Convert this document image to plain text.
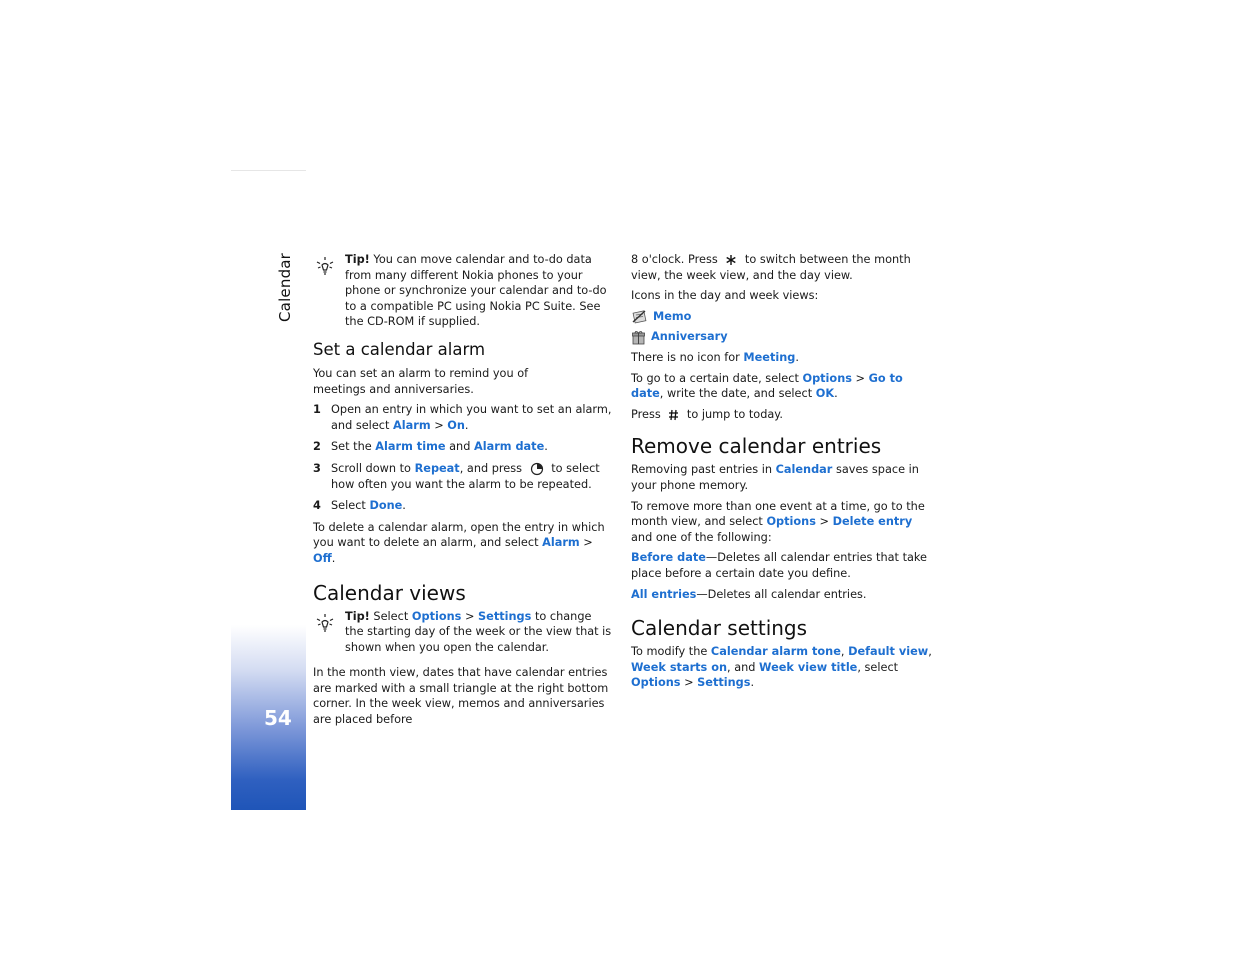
Calendar
54
Tip! You can move calendar and to-do data from many different Nokia phones to your phone or synchronize your calendar and to-do to a compatible PC using Nokia PC Suite. See the CD-ROM if supplied.
Set a calendar alarm

You can set an alarm to remind you of meetings and anniversaries.

1 Open an entry in which you want to set an alarm, and select Alarm > On.
2 Set the Alarm time and Alarm date.
3 Scroll down to Repeat, and press  to select how often you want the alarm to be repeated.
4 Select Done.

To delete a calendar alarm, open the entry in which you want to delete an alarm, and select Alarm > Off.

Calendar views
Tip! Select Options > Settings to change the starting day of the week or the view that is shown when you open the calendar.

In the month view, dates that have calendar entries are marked with a small triangle at the right bottom corner. In the week view, memos and anniversaries are placed before

8 o'clock. Press  to switch between the month view, the week view, and the day view.

Icons in the day and week views:

Memo
Anniversary

There is no icon for Meeting.

To go to a certain date, select Options > Go to date, write the date, and select OK.

Press  to jump to today.

Remove calendar entries

Removing past entries in Calendar saves space in your phone memory.

To remove more than one event at a time, go to the month view, and select Options > Delete entry and one of the following:

Before date—Deletes all calendar entries that take place before a certain date you define.

All entries—Deletes all calendar entries.

Calendar settings

To modify the Calendar alarm tone, Default view, Week starts on, and Week view title, select Options > Settings.
